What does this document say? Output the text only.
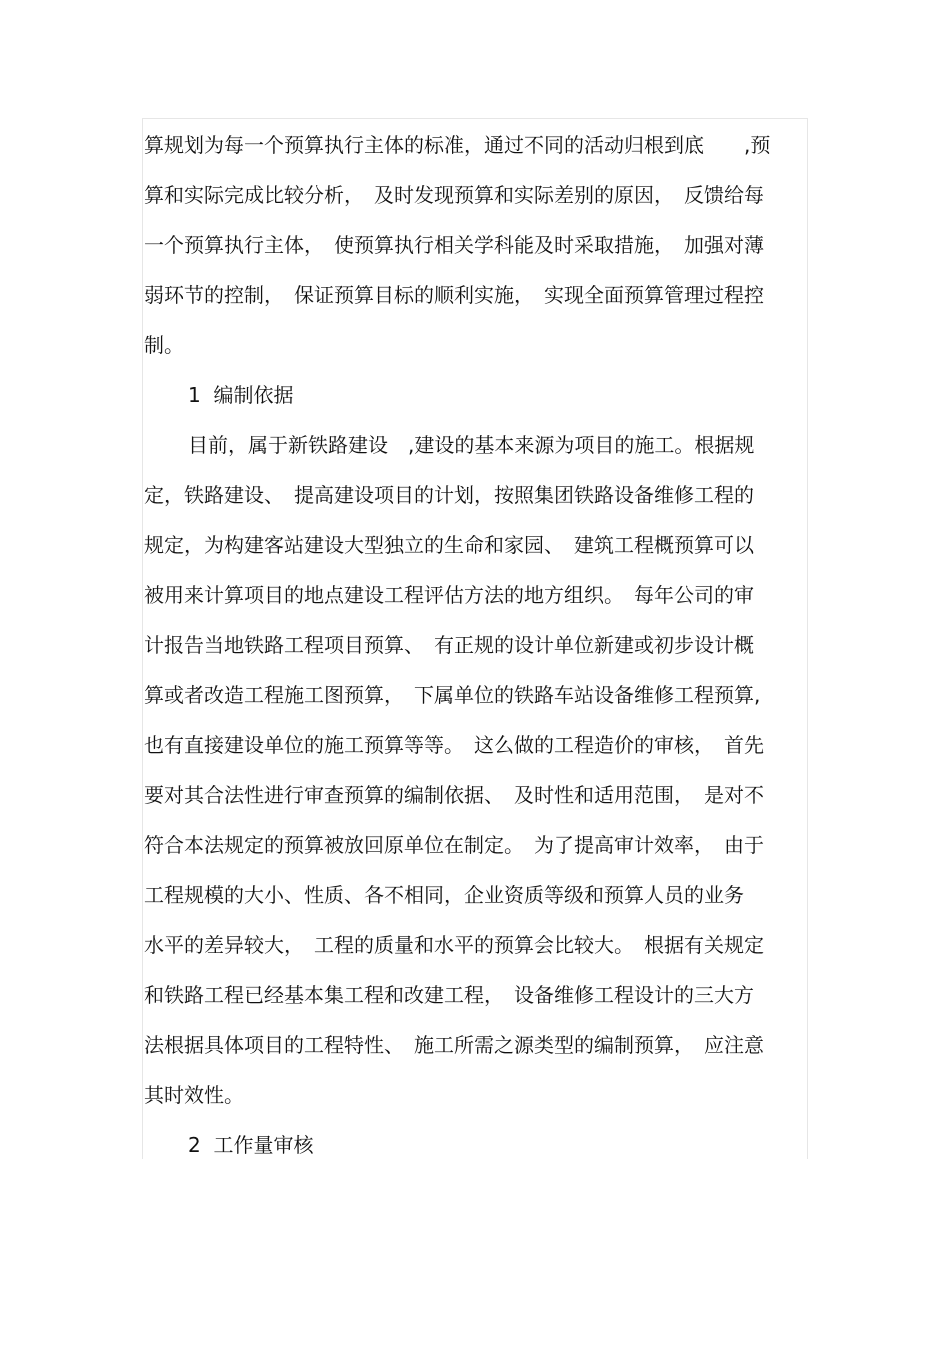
算规划为每一个预算执行主体的标准，通过不同的活动归根到底　　,预
算和实际完成比较分析，　及时发现预算和实际差别的原因，　反馈给每
一个预算执行主体，　使预算执行相关学科能及时采取措施，　加强对薄
弱环节的控制，　保证预算目标的顺利实施，　实现全面预算管理过程控
制。
1  编制依据
目前，属于新铁路建设　,建设的基本来源为项目的施工。根据规
定，铁路建设、　提高建设项目的计划，按照集团铁路设备维修工程的
规定，为构建客站建设大型独立的生命和家园、　建筑工程概预算可以
被用来计算项目的地点建设工程评估方法的地方组织。　每年公司的审
计报告当地铁路工程项目预算、　有正规的设计单位新建或初步设计概
算或者改造工程施工图预算，　下属单位的铁路车站设备维修工程预算,
也有直接建设单位的施工预算等等。　这么做的工程造价的审核，　首先
要对其合法性进行审查预算的编制依据、　及时性和适用范围，　是对不
符合本法规定的预算被放回原单位在制定。　为了提高审计效率，　由于
工程规模的大小、性质、各不相同，企业资质等级和预算人员的业务
水平的差异较大，　工程的质量和水平的预算会比较大。　根据有关规定
和铁路工程已经基本集工程和改建工程，　设备维修工程设计的三大方
法根据具体项目的工程特性、　施工所需之源类型的编制预算，　应注意
其时效性。
2  工作量审核
